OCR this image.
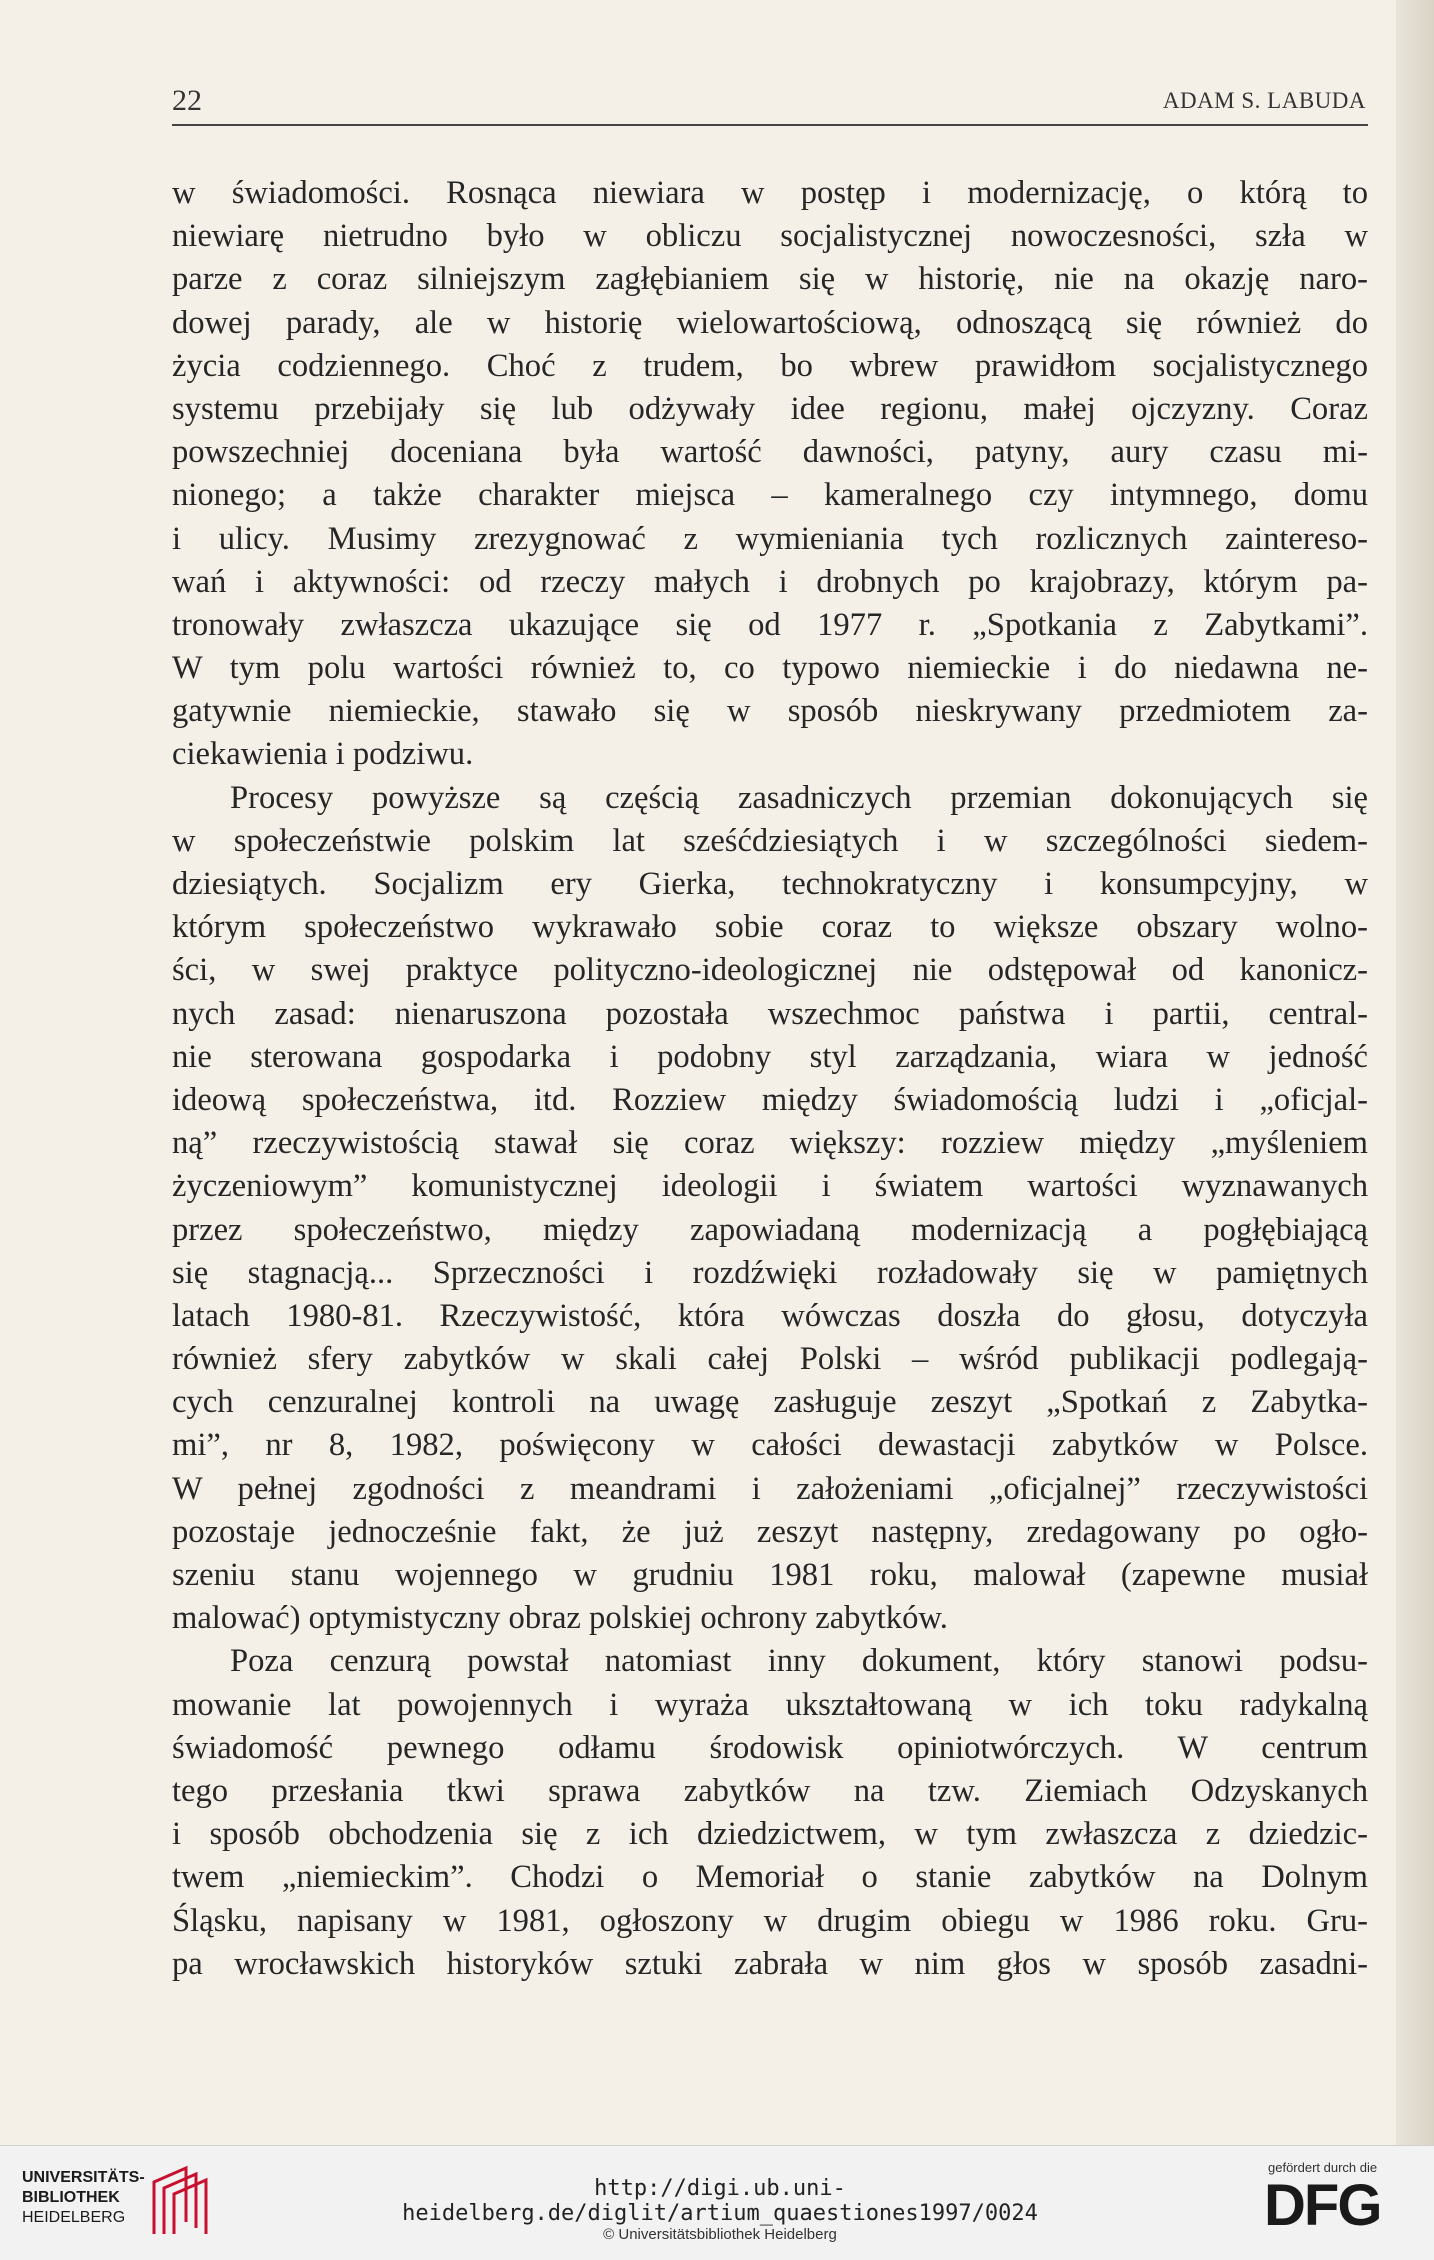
22	ADAM S. LABUDA
w świadomości. Rosnąca niewiara w postęp i modernizację, o którą to
niewiarę nietrudno było w obliczu socjalistycznej nowoczesności, szła w
parze z coraz silniejszym zagłębianiem się w historię, nie na okazję naro-
dowej parady, ale w historię wielowartościową, odnoszącą się również do
życia codziennego. Choć z trudem, bo wbrew prawidłom socjalistycznego
systemu przebijały się lub odżywały idee regionu, małej ojczyzny. Coraz
powszechniej doceniana była wartość dawności, patyny, aury czasu mi-
nionego; a także charakter miejsca – kameralnego czy intymnego, domu
i ulicy. Musimy zrezygnować z wymieniania tych rozlicznych zaintereso-
wań i aktywności: od rzeczy małych i drobnych po krajobrazy, którym pa-
tronowały zwłaszcza ukazujące się od 1977 r. „Spotkania z Zabytkami”.
W tym polu wartości również to, co typowo niemieckie i do niedawna ne-
gatywnie niemieckie, stawało się w sposób nieskrywany przedmiotem za-
ciekawienia i podziwu.
Procesy powyższe są częścią zasadniczych przemian dokonujących się
w społeczeństwie polskim lat sześćdziesiątych i w szczególności siedem-
dziesiątych. Socjalizm ery Gierka, technokratyczny i konsumpcyjny, w
którym społeczeństwo wykrawało sobie coraz to większe obszary wolno-
ści, w swej praktyce polityczno-ideologicznej nie odstępował od kanonicz-
nych zasad: nienaruszona pozostała wszechmoc państwa i partii, central-
nie sterowana gospodarka i podobny styl zarządzania, wiara w jedność
ideową społeczeństwa, itd. Rozziew między świadomością ludzi i „oficjal-
ną” rzeczywistością stawał się coraz większy: rozziew między „myśleniem
życzeniowym” komunistycznej ideologii i światem wartości wyznawanych
przez społeczeństwo, między zapowiadaną modernizacją a pogłębiającą
się stagnacją... Sprzeczności i rozdźwięki rozładowały się w pamiętnych
latach 1980-81. Rzeczywistość, która wówczas doszła do głosu, dotyczyła
również sfery zabytków w skali całej Polski – wśród publikacji podlegają-
cych cenzuralnej kontroli na uwagę zasługuje zeszyt „Spotkań z Zabytka-
mi”, nr 8, 1982, poświęcony w całości dewastacji zabytków w Polsce.
W pełnej zgodności z meandrami i założeniami „oficjalnej” rzeczywistości
pozostaje jednocześnie fakt, że już zeszyt następny, zredagowany po ogło-
szeniu stanu wojennego w grudniu 1981 roku, malował (zapewne musiał
malować) optymistyczny obraz polskiej ochrony zabytków.
Poza cenzurą powstał natomiast inny dokument, który stanowi podsu-
mowanie lat powojennych i wyraża ukształtowaną w ich toku radykalną
świadomość pewnego odłamu środowisk opiniotwórczych. W centrum
tego przesłania tkwi sprawa zabytków na tzw. Ziemiach Odzyskanych
i sposób obchodzenia się z ich dziedzictwem, w tym zwłaszcza z dziedzic-
twem „niemieckim”. Chodzi o Memoriał o stanie zabytków na Dolnym
Śląsku, napisany w 1981, ogłoszony w drugim obiegu w 1986 roku. Gru-
pa wrocławskich historyków sztuki zabrała w nim głos w sposób zasadni-
UNIVERSITÄTS-
BIBLIOTHEK
HEIDELBERG
http://digi.ub.uni-heidelberg.de/diglit/artium_quaestiones1997/0024
© Universitätsbibliothek Heidelberg
gefördert durch die
DFG
